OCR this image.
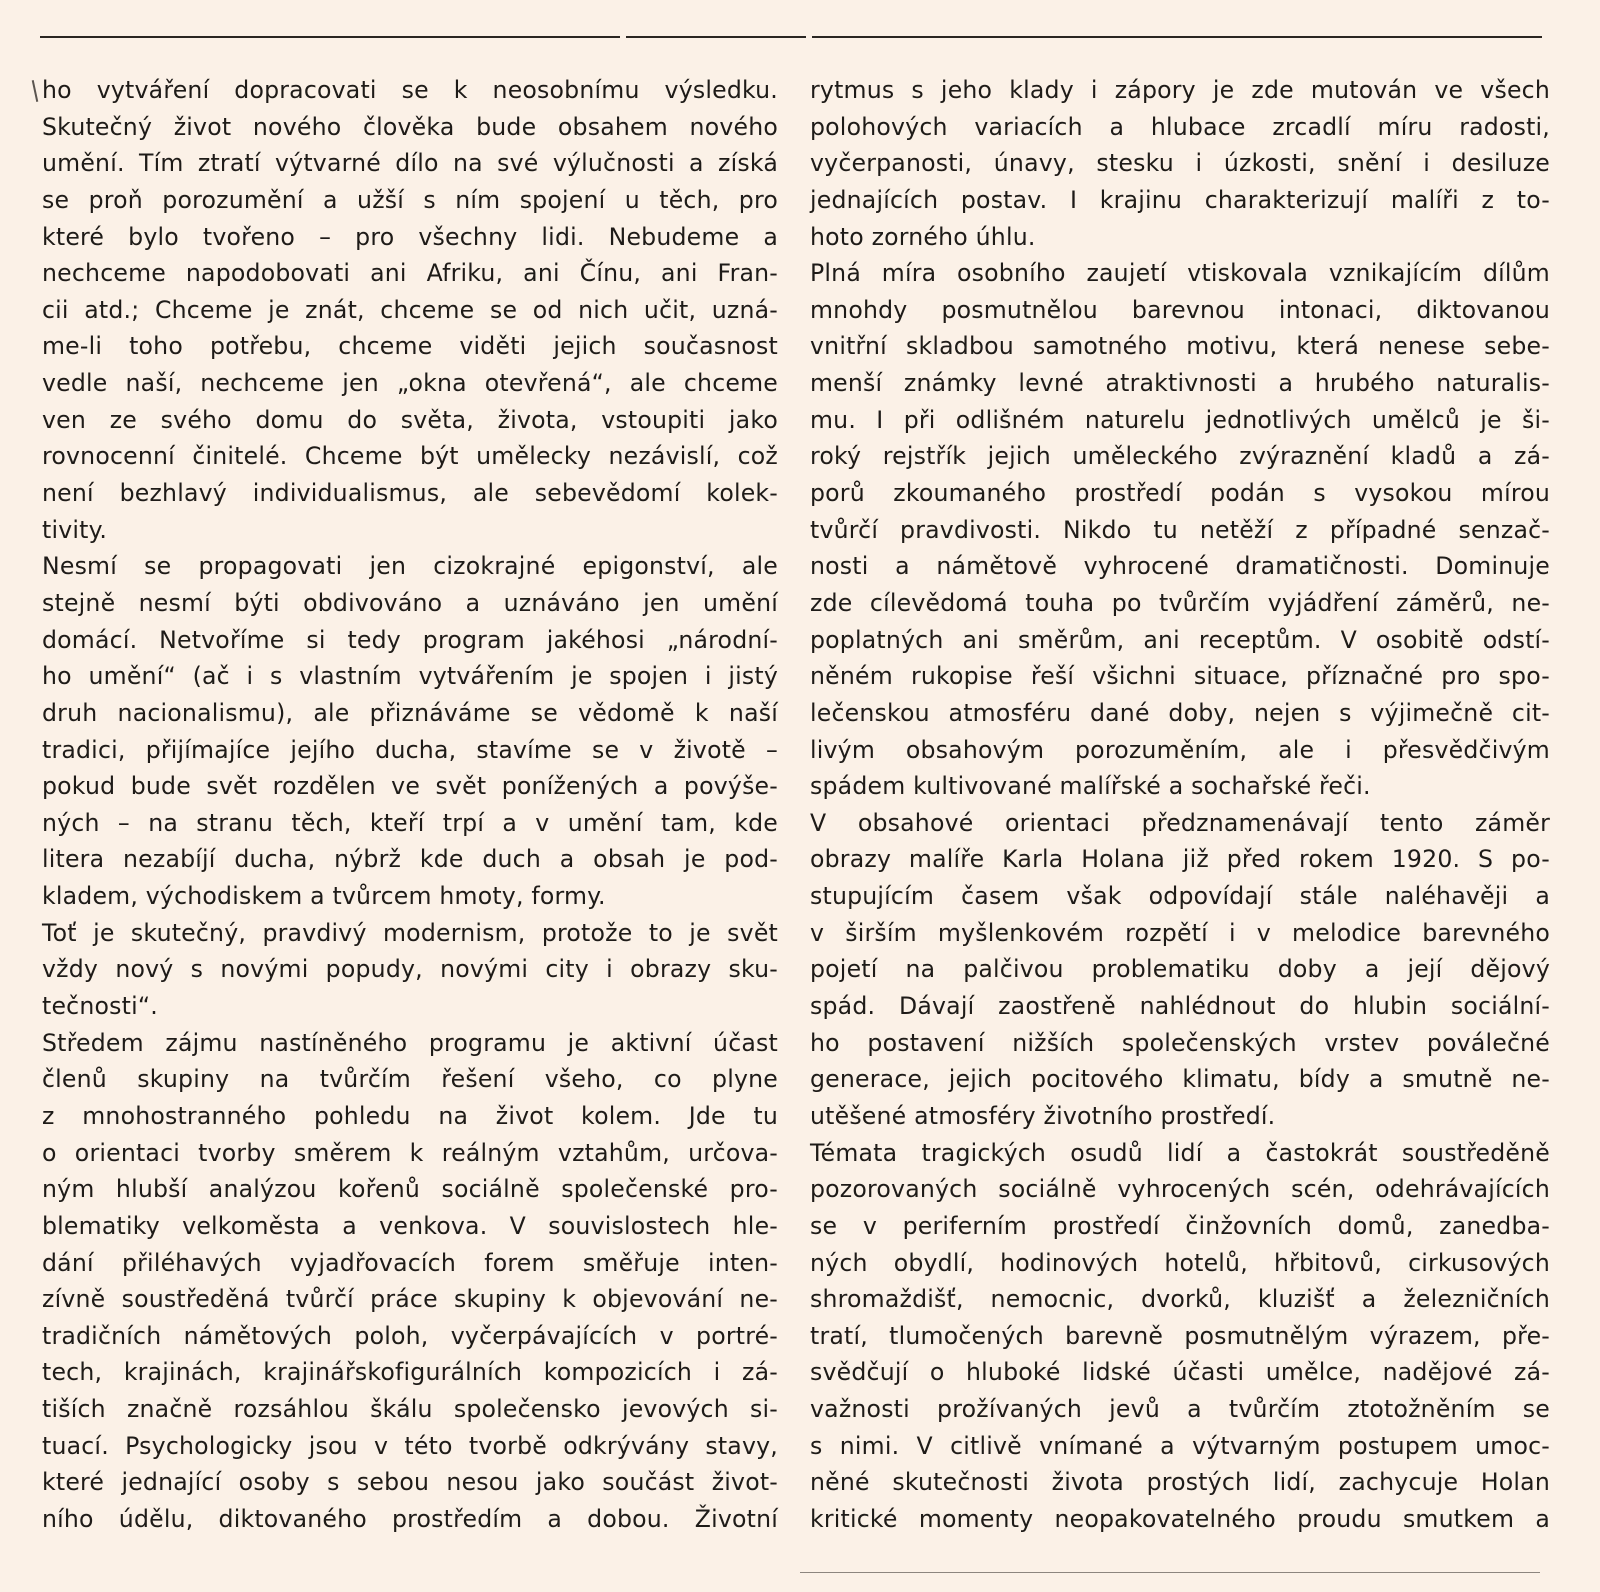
ho vytváření dopracovati se k neosobnímu výsledku.
Skutečný život nového člověka bude obsahem nového
umění. Tím ztratí výtvarné dílo na své výlučnosti a získá
se proň porozumění a užší s ním spojení u těch, pro
které bylo tvořeno – pro všechny lidi. Nebudeme a
nechceme napodobovati ani Afriku, ani Čínu, ani Fran-
cii atd.; Chceme je znát, chceme se od nich učit, uzná-
me-li toho potřebu, chceme viděti jejich současnost
vedle naší, nechceme jen „okna otevřená“, ale chceme
ven ze svého domu do světa, života, vstoupiti jako
rovnocenní činitelé. Chceme být umělecky nezávislí, což
není bezhlavý individualismus, ale sebevědomí kolek-
tivity.
Nesmí se propagovati jen cizokrajné epigonství, ale
stejně nesmí býti obdivováno a uznáváno jen umění
domácí. Netvoříme si tedy program jakéhosi „národní-
ho umění“ (ač i s vlastním vytvářením je spojen i jistý
druh nacionalismu), ale přiznáváme se vědomě k naší
tradici, přijímajíce jejího ducha, stavíme se v životě –
pokud bude svět rozdělen ve svět ponížených a povýše-
ných – na stranu těch, kteří trpí a v umění tam, kde
litera nezabíjí ducha, nýbrž kde duch a obsah je pod-
kladem, východiskem a tvůrcem hmoty, formy.
Toť je skutečný, pravdivý modernism, protože to je svět
vždy nový s novými popudy, novými city i obrazy sku-
tečnosti“.
Středem zájmu nastíněného programu je aktivní účast
členů skupiny na tvůrčím řešení všeho, co plyne
z mnohostranného pohledu na život kolem. Jde tu
o orientaci tvorby směrem k reálným vztahům, určova-
ným hlubší analýzou kořenů sociálně společenské pro-
blematiky velkoměsta a venkova. V souvislostech hle-
dání přiléhavých vyjadřovacích forem směřuje inten-
zívně soustředěná tvůrčí práce skupiny k objevování ne-
tradičních námětových poloh, vyčerpávajících v portré-
tech, krajinách, krajinářskofigurálních kompozicích i zá-
tiších značně rozsáhlou škálu společensko jevových si-
tuací. Psychologicky jsou v této tvorbě odkrývány stavy,
které jednající osoby s sebou nesou jako součást život-
ního údělu, diktovaného prostředím a dobou. Životní
rytmus s jeho klady i zápory je zde mutován ve všech
polohových variacích a hlubace zrcadlí míru radosti,
vyčerpanosti, únavy, stesku i úzkosti, snění i desiluze
jednajících postav. I krajinu charakterizují malíři z to-
hoto zorného úhlu.
Plná míra osobního zaujetí vtiskovala vznikajícím dílům
mnohdy posmutnělou barevnou intonaci, diktovanou
vnitřní skladbou samotného motivu, která nenese sebe-
menší známky levné atraktivnosti a hrubého naturalis-
mu. I při odlišném naturelu jednotlivých umělců je ši-
roký rejstřík jejich uměleckého zvýraznění kladů a zá-
porů zkoumaného prostředí podán s vysokou mírou
tvůrčí pravdivosti. Nikdo tu netěží z případné senzač-
nosti a námětově vyhrocené dramatičnosti. Dominuje
zde cílevědomá touha po tvůrčím vyjádření záměrů, ne-
poplatných ani směrům, ani receptům. V osobitě odstí-
něném rukopise řeší všichni situace, příznačné pro spo-
lečenskou atmosféru dané doby, nejen s výjimečně cit-
livým obsahovým porozuměním, ale i přesvědčivým
spádem kultivované malířské a sochařské řeči.
V obsahové orientaci předznamenávají tento záměr
obrazy malíře Karla Holana již před rokem 1920. S po-
stupujícím časem však odpovídají stále naléhavěji a
v širším myšlenkovém rozpětí i v melodice barevného
pojetí na palčivou problematiku doby a její dějový
spád. Dávají zaostřeně nahlédnout do hlubin sociální-
ho postavení nižších společenských vrstev poválečné
generace, jejich pocitového klimatu, bídy a smutně ne-
utěšené atmosféry životního prostředí.
Témata tragických osudů lidí a častokrát soustředěně
pozorovaných sociálně vyhrocených scén, odehrávajících
se v periferním prostředí činžovních domů, zanedba-
ných obydlí, hodinových hotelů, hřbitovů, cirkusových
shromaždišť, nemocnic, dvorků, kluzišť a železničních
tratí, tlumočených barevně posmutnělým výrazem, pře-
svědčují o hluboké lidské účasti umělce, nadějové zá-
važnosti prožívaných jevů a tvůrčím ztotožněním se
s nimi. V citlivě vnímané a výtvarným postupem umoc-
něné skutečnosti života prostých lidí, zachycuje Holan
kritické momenty neopakovatelného proudu smutkem a
